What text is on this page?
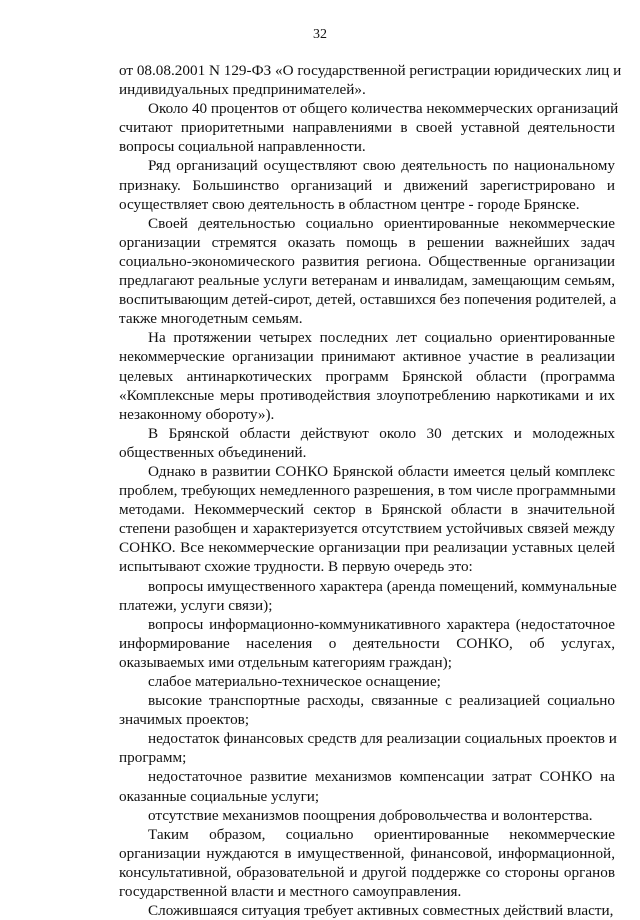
32
от 08.08.2001 N 129-ФЗ «О государственной регистрации юридических лиц и
индивидуальных предпринимателей».
Около 40 процентов от общего количества некоммерческих организаций
считают приоритетными направлениями в своей уставной деятельности
вопросы социальной направленности.
Ряд организаций осуществляют свою деятельность по национальному
признаку. Большинство организаций и движений зарегистрировано и
осуществляет свою деятельность в областном центре - городе Брянске.
Своей деятельностью социально ориентированные некоммерческие
организации стремятся оказать помощь в решении важнейших задач
социально-экономического развития региона. Общественные организации
предлагают реальные услуги ветеранам и инвалидам, замещающим семьям,
воспитывающим детей-сирот, детей, оставшихся без попечения родителей, а
также многодетным семьям.
На протяжении четырех последних лет социально ориентированные
некоммерческие организации принимают активное участие в реализации
целевых антинаркотических программ Брянской области (программа
«Комплексные меры противодействия злоупотреблению наркотиками и их
незаконному обороту»).
В Брянской области действуют около 30 детских и молодежных
общественных объединений.
Однако в развитии СОНКО Брянской области имеется целый комплекс
проблем, требующих немедленного разрешения, в том числе программными
методами. Некоммерческий сектор в Брянской области в значительной
степени разобщен и характеризуется отсутствием устойчивых связей между
СОНКО. Все некоммерческие организации при реализации уставных целей
испытывают схожие трудности. В первую очередь это:
вопросы имущественного характера (аренда помещений, коммунальные
платежи, услуги связи);
вопросы информационно-коммуникативного характера (недостаточное
информирование населения о деятельности СОНКО, об услугах,
оказываемых ими отдельным категориям граждан);
слабое материально-техническое оснащение;
высокие транспортные расходы, связанные с реализацией социально
значимых проектов;
недостаток финансовых средств для реализации социальных проектов и
программ;
недостаточное развитие механизмов компенсации затрат СОНКО на
оказанные социальные услуги;
отсутствие механизмов поощрения добровольчества и волонтерства.
Таким образом, социально ориентированные некоммерческие
организации нуждаются в имущественной, финансовой, информационной,
консультативной, образовательной и другой поддержке со стороны органов
государственной власти и местного самоуправления.
Сложившаяся ситуация требует активных совместных действий власти,
